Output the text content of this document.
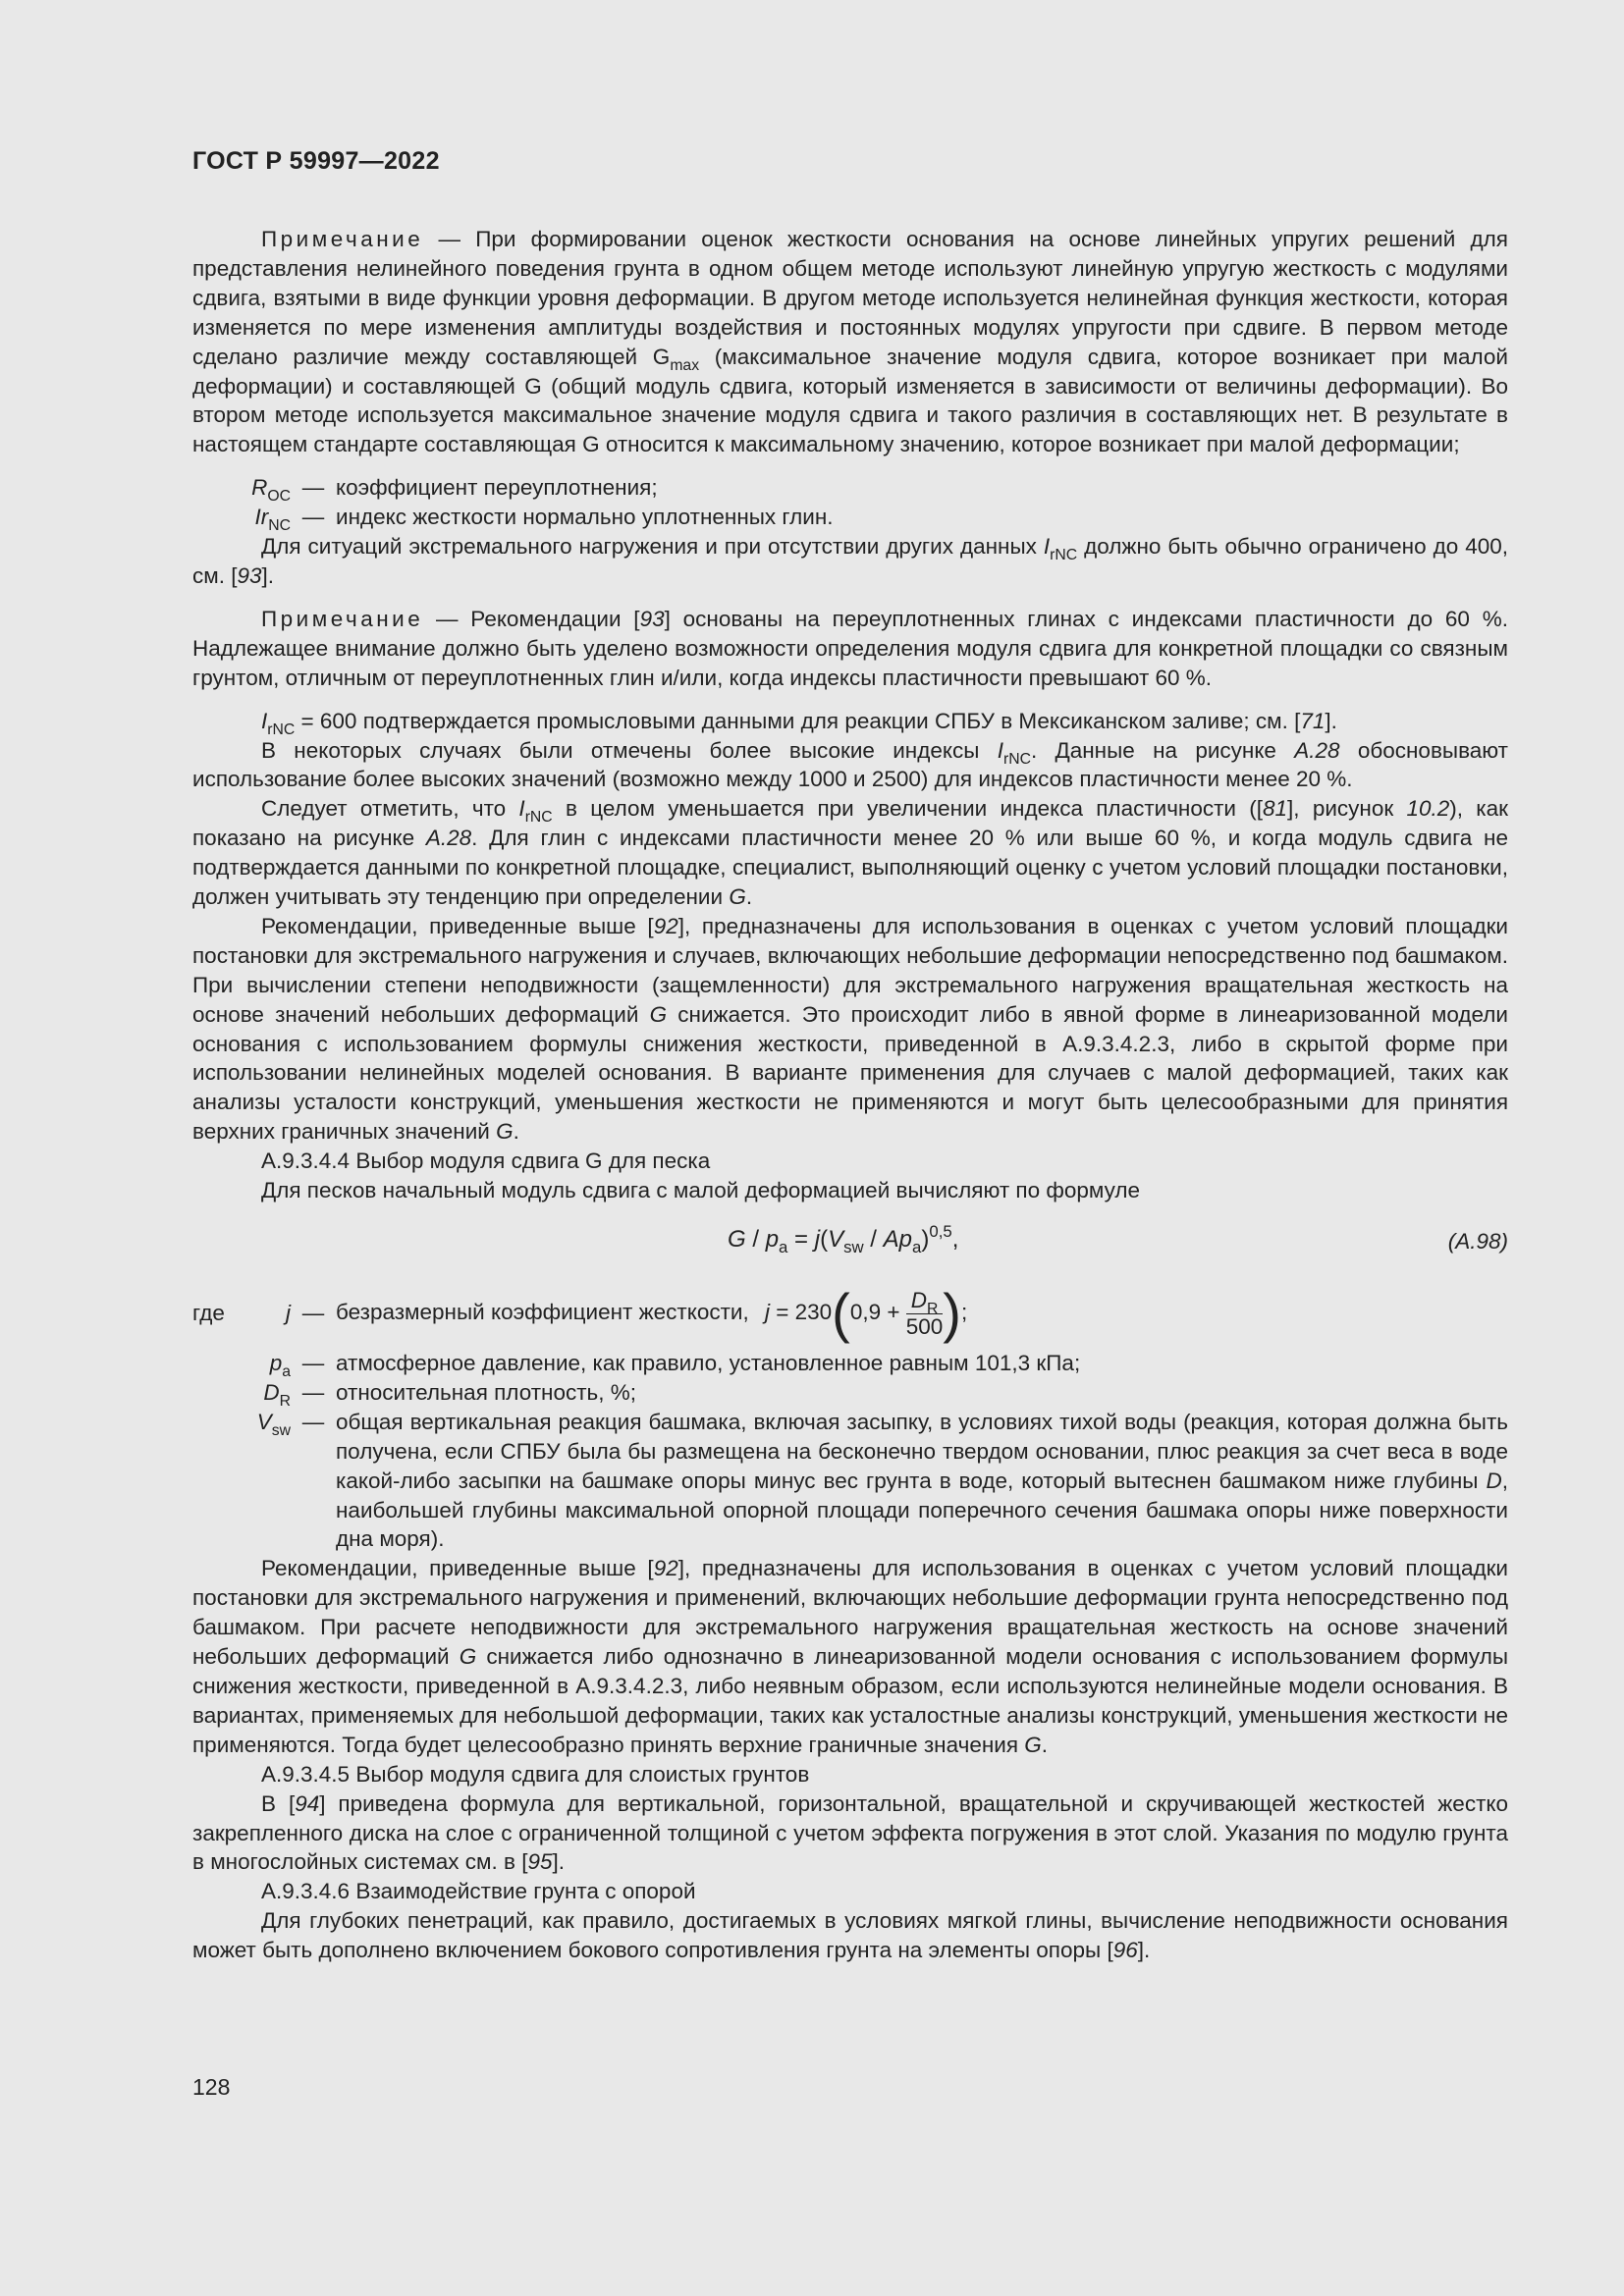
ГОСТ Р 59997—2022

Примечание — При формировании оценок жесткости основания на основе линейных упругих решений для представления нелинейного поведения грунта в одном общем методе используют линейную упругую жесткость с модулями сдвига, взятыми в виде функции уровня деформации. В другом методе используется нелинейная функция жесткости, которая изменяется по мере изменения амплитуды воздействия и постоянных модулях упругости при сдвиге. В первом методе сделано различие между составляющей $G_{max}$ (максимальное значение модуля сдвига, которое возникает при малой деформации) и составляющей G (общий модуль сдвига, который изменяется в зависимости от величины деформации). Во втором методе используется максимальное значение модуля сдвига и такого различия в составляющих нет. В результате в настоящем стандарте составляющая G относится к максимальному значению, которое возникает при малой деформации;

$R_{OC}$ — коэффициент переуплотнения;
$Ir_{NC}$ — индекс жесткости нормально уплотненных глин.

Для ситуаций экстремального нагружения и при отсутствии других данных $I_{rNC}$ должно быть обычно ограничено до 400, см. [93].

Примечание — Рекомендации [93] основаны на переуплотненных глинах с индексами пластичности до 60 %. Надлежащее внимание должно быть уделено возможности определения модуля сдвига для конкретной площадки со связным грунтом, отличным от переуплотненных глин и/или, когда индексы пластичности превышают 60 %.

$I_{rNC} = 600$ подтверждается промысловыми данными для реакции СПБУ в Мексиканском заливе; см. [71].

В некоторых случаях были отмечены более высокие индексы $I_{rNC}$. Данные на рисунке A.28 обосновывают использование более высоких значений (возможно между 1000 и 2500) для индексов пластичности менее 20 %.

Следует отметить, что $I_{rNC}$ в целом уменьшается при увеличении индекса пластичности ([81], рисунок 10.2), как показано на рисунке A.28. Для глин с индексами пластичности менее 20 % или выше 60 %, и когда модуль сдвига не подтверждается данными по конкретной площадке, специалист, выполняющий оценку с учетом условий площадки постановки, должен учитывать эту тенденцию при определении G.

Рекомендации, приведенные выше [92], предназначены для использования в оценках с учетом условий площадки постановки для экстремального нагружения и случаев, включающих небольшие деформации непосредственно под башмаком. При вычислении степени неподвижности (защемленности) для экстремального нагружения вращательная жесткость на основе значений небольших деформаций G снижается. Это происходит либо в явной форме в линеаризованной модели основания с использованием формулы снижения жесткости, приведенной в А.9.3.4.2.3, либо в скрытой форме при использовании нелинейных моделей основания. В варианте применения для случаев с малой деформацией, таких как анализы усталости конструкций, уменьшения жесткости не применяются и могут быть целесообразными для принятия верхних граничных значений G.

А.9.3.4.4 Выбор модуля сдвига G для песка

Для песков начальный модуль сдвига с малой деформацией вычисляют по формуле

$G / p_a = j(V_{sw} / Ap_a)^{0,5}$,	(А.98)
где	j — безразмерный коэффициент жесткости, $j = 230(0,9 + \frac{D_R}{500}$ );
$p_a$ — атмосферное давление, как правило, установленное равным 101,3 кПа;
$D_R$ — относительная плотность, %;
$V_{sw}$ — общая вертикальная реакция башмака, включая засыпку, в условиях тихой воды (реакция, которая должна быть получена, если СПБУ была бы размещена на бесконечно твердом основании, плюс реакция за счет веса в воде какой-либо засыпки на башмаке опоры минус вес грунта в воде, который вытеснен башмаком ниже глубины D, наибольшей глубины максимальной опорной площади поперечного сечения башмака опоры ниже поверхности дна моря).

Рекомендации, приведенные выше [92], предназначены для использования в оценках с учетом условий площадки постановки для экстремального нагружения и применений, включающих небольшие деформации грунта непосредственно под башмаком. При расчете неподвижности для экстремального нагружения вращательная жесткость на основе значений небольших деформаций G снижается либо однозначно в линеаризованной модели основания с использованием формулы снижения жесткости, приведенной в А.9.3.4.2.3, либо неявным образом, если используются нелинейные модели основания. В вариантах, применяемых для небольшой деформации, таких как усталостные анализы конструкций, уменьшения жесткости не применяются. Тогда будет целесообразно принять верхние граничные значения G.

А.9.3.4.5 Выбор модуля сдвига для слоистых грунтов

В [94] приведена формула для вертикальной, горизонтальной, вращательной и скручивающей жесткостей жестко закрепленного диска на слое с ограниченной толщиной с учетом эффекта погружения в этот слой. Указания по модулю грунта в многослойных системах см. в [95].

А.9.3.4.6 Взаимодействие грунта с опорой

Для глубоких пенетраций, как правило, достигаемых в условиях мягкой глины, вычисление неподвижности основания может быть дополнено включением бокового сопротивления грунта на элементы опоры [96].

128
